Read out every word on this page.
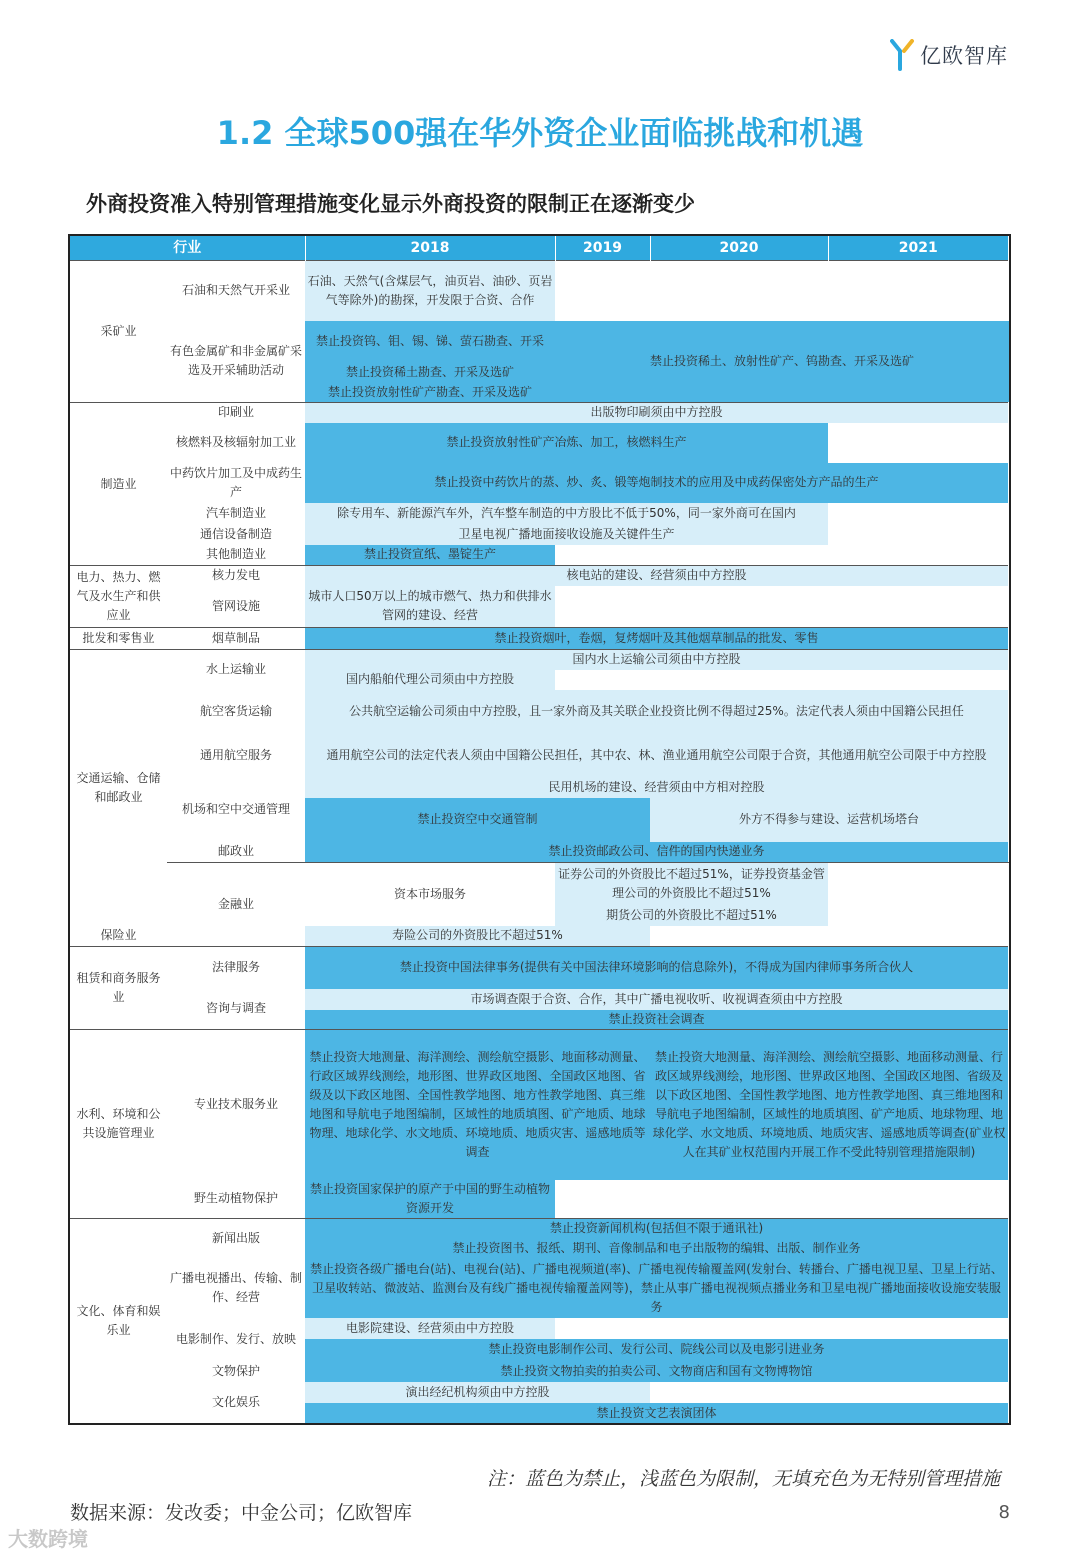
亿欧智库
1.2 全球500强在华外资企业面临挑战和机遇
外商投资准入特别管理措施变化显示外商投资的限制正在逐渐变少
行业		2018	2019	2020	2021
采矿业	石油和天然气开采业	石油、天然气(含煤层气，油页岩、油砂、页岩气等除外)的勘探，开发限于合资、合作			
	有色金属矿和非金属矿采选及开采辅助活动	禁止投资钨、钼、锡、锑、萤石勘查、开采	禁止投资稀土、放射性矿产、钨勘查、开采及选矿		
		禁止投资稀土勘查、开采及选矿			
		禁止投资放射性矿产勘查、开采及选矿			
制造业	印刷业	出版物印刷须由中方控股			
	核燃料及核辐射加工业	禁止投资放射性矿产冶炼、加工，核燃料生产			
	中药饮片加工及中成药生产	禁止投资中药饮片的蒸、炒、炙、锻等炮制技术的应用及中成药保密处方产品的生产			
	汽车制造业	除专用车、新能源汽车外，汽车整车制造的中方股比不低于50%，同一家外商可在国内			
	通信设备制造	卫星电视广播地面接收设施及关键件生产			
	其他制造业	禁止投资宣纸、墨锭生产			
电力、热力、燃气及水生产和供应业	核力发电	核电站的建设、经营须由中方控股			
	管网设施	城市人口50万以上的城市燃气、热力和供排水管网的建设、经营			
批发和零售业	烟草制品	禁止投资烟叶，卷烟，复烤烟叶及其他烟草制品的批发、零售			
交通运输、仓储和邮政业	水上运输业	国内水上运输公司须由中方控股			
		国内船舶代理公司须由中方控股			
	航空客货运输	公共航空运输公司须由中方控股，且一家外商及其关联企业投资比例不得超过25%。法定代表人须由中国籍公民担任			
	通用航空服务	通用航空公司的法定代表人须由中国籍公民担任，其中农、林、渔业通用航空公司限于合资，其他通用航空公司限于中方控股			
	机场和空中交通管理	民用机场的建设、经营须由中方相对控股			
		禁止投资空中交通管制		外方不得参与建设、运营机场塔台	
	邮政业	禁止投资邮政公司、信件的国内快递业务			
	金融业	资本市场服务	证券公司的外资股比不超过51%，证券投资基金管理公司的外资股比不超过51%		
			期货公司的外资股比不超过51%		
保险业		寿险公司的外资股比不超过51%			
租赁和商务服务业	法律服务	禁止投资中国法律事务(提供有关中国法律环境影响的信息除外)，不得成为国内律师事务所合伙人			
	咨询与调查	市场调查限于合资、合作，其中广播电视收听、收视调查须由中方控股			
		禁止投资社会调查			
水利、环境和公共设施管理业	专业技术服务业	禁止投资大地测量、海洋测绘、测绘航空摄影、地面移动测量、行政区域界线测绘，地形图、世界政区地图、全国政区地图、省级及以下政区地图、全国性教学地图、地方性教学地图、真三维地图和导航电子地图编制，区域性的地质填图、矿产地质、地球物理、地球化学、水文地质、环境地质、地质灾害、遥感地质等调查		禁止投资大地测量、海洋测绘、测绘航空摄影、地面移动测量、行政区域界线测绘，地形图、世界政区地图、全国政区地图、省级及以下政区地图、全国性教学地图、地方性教学地图、真三维地图和导航电子地图编制，区域性的地质填图、矿产地质、地球物理、地球化学、水文地质、环境地质、地质灾害、遥感地质等调查(矿业权人在其矿业权范围内开展工作不受此特别管理措施限制)	
	野生动植物保护	禁止投资国家保护的原产于中国的野生动植物资源开发			
文化、体育和娱乐业	新闻出版	禁止投资新闻机构(包括但不限于通讯社)			
		禁止投资图书、报纸、期刊、音像制品和电子出版物的编辑、出版、制作业务			
	广播电视播出、传输、制作、经营	禁止投资各级广播电台(站)、电视台(站)、广播电视频道(率)、广播电视传输覆盖网(发射台、转播台、广播电视卫星、卫星上行站、卫星收转站、微波站、监测台及有线广播电视传输覆盖网等)，禁止从事广播电视视频点播业务和卫星电视广播地面接收设施安装服务			
	电影制作、发行、放映	电影院建设、经营须由中方控股			
		禁止投资电影制作公司、发行公司、院线公司以及电影引进业务			
	文物保护	禁止投资文物拍卖的拍卖公司、文物商店和国有文物博物馆			
	文化娱乐	演出经纪机构须由中方控股			
		禁止投资文艺表演团体			
注：蓝色为禁止，浅蓝色为限制，无填充色为无特别管理措施
数据来源：发改委；中金公司；亿欧智库	8
大数跨境
